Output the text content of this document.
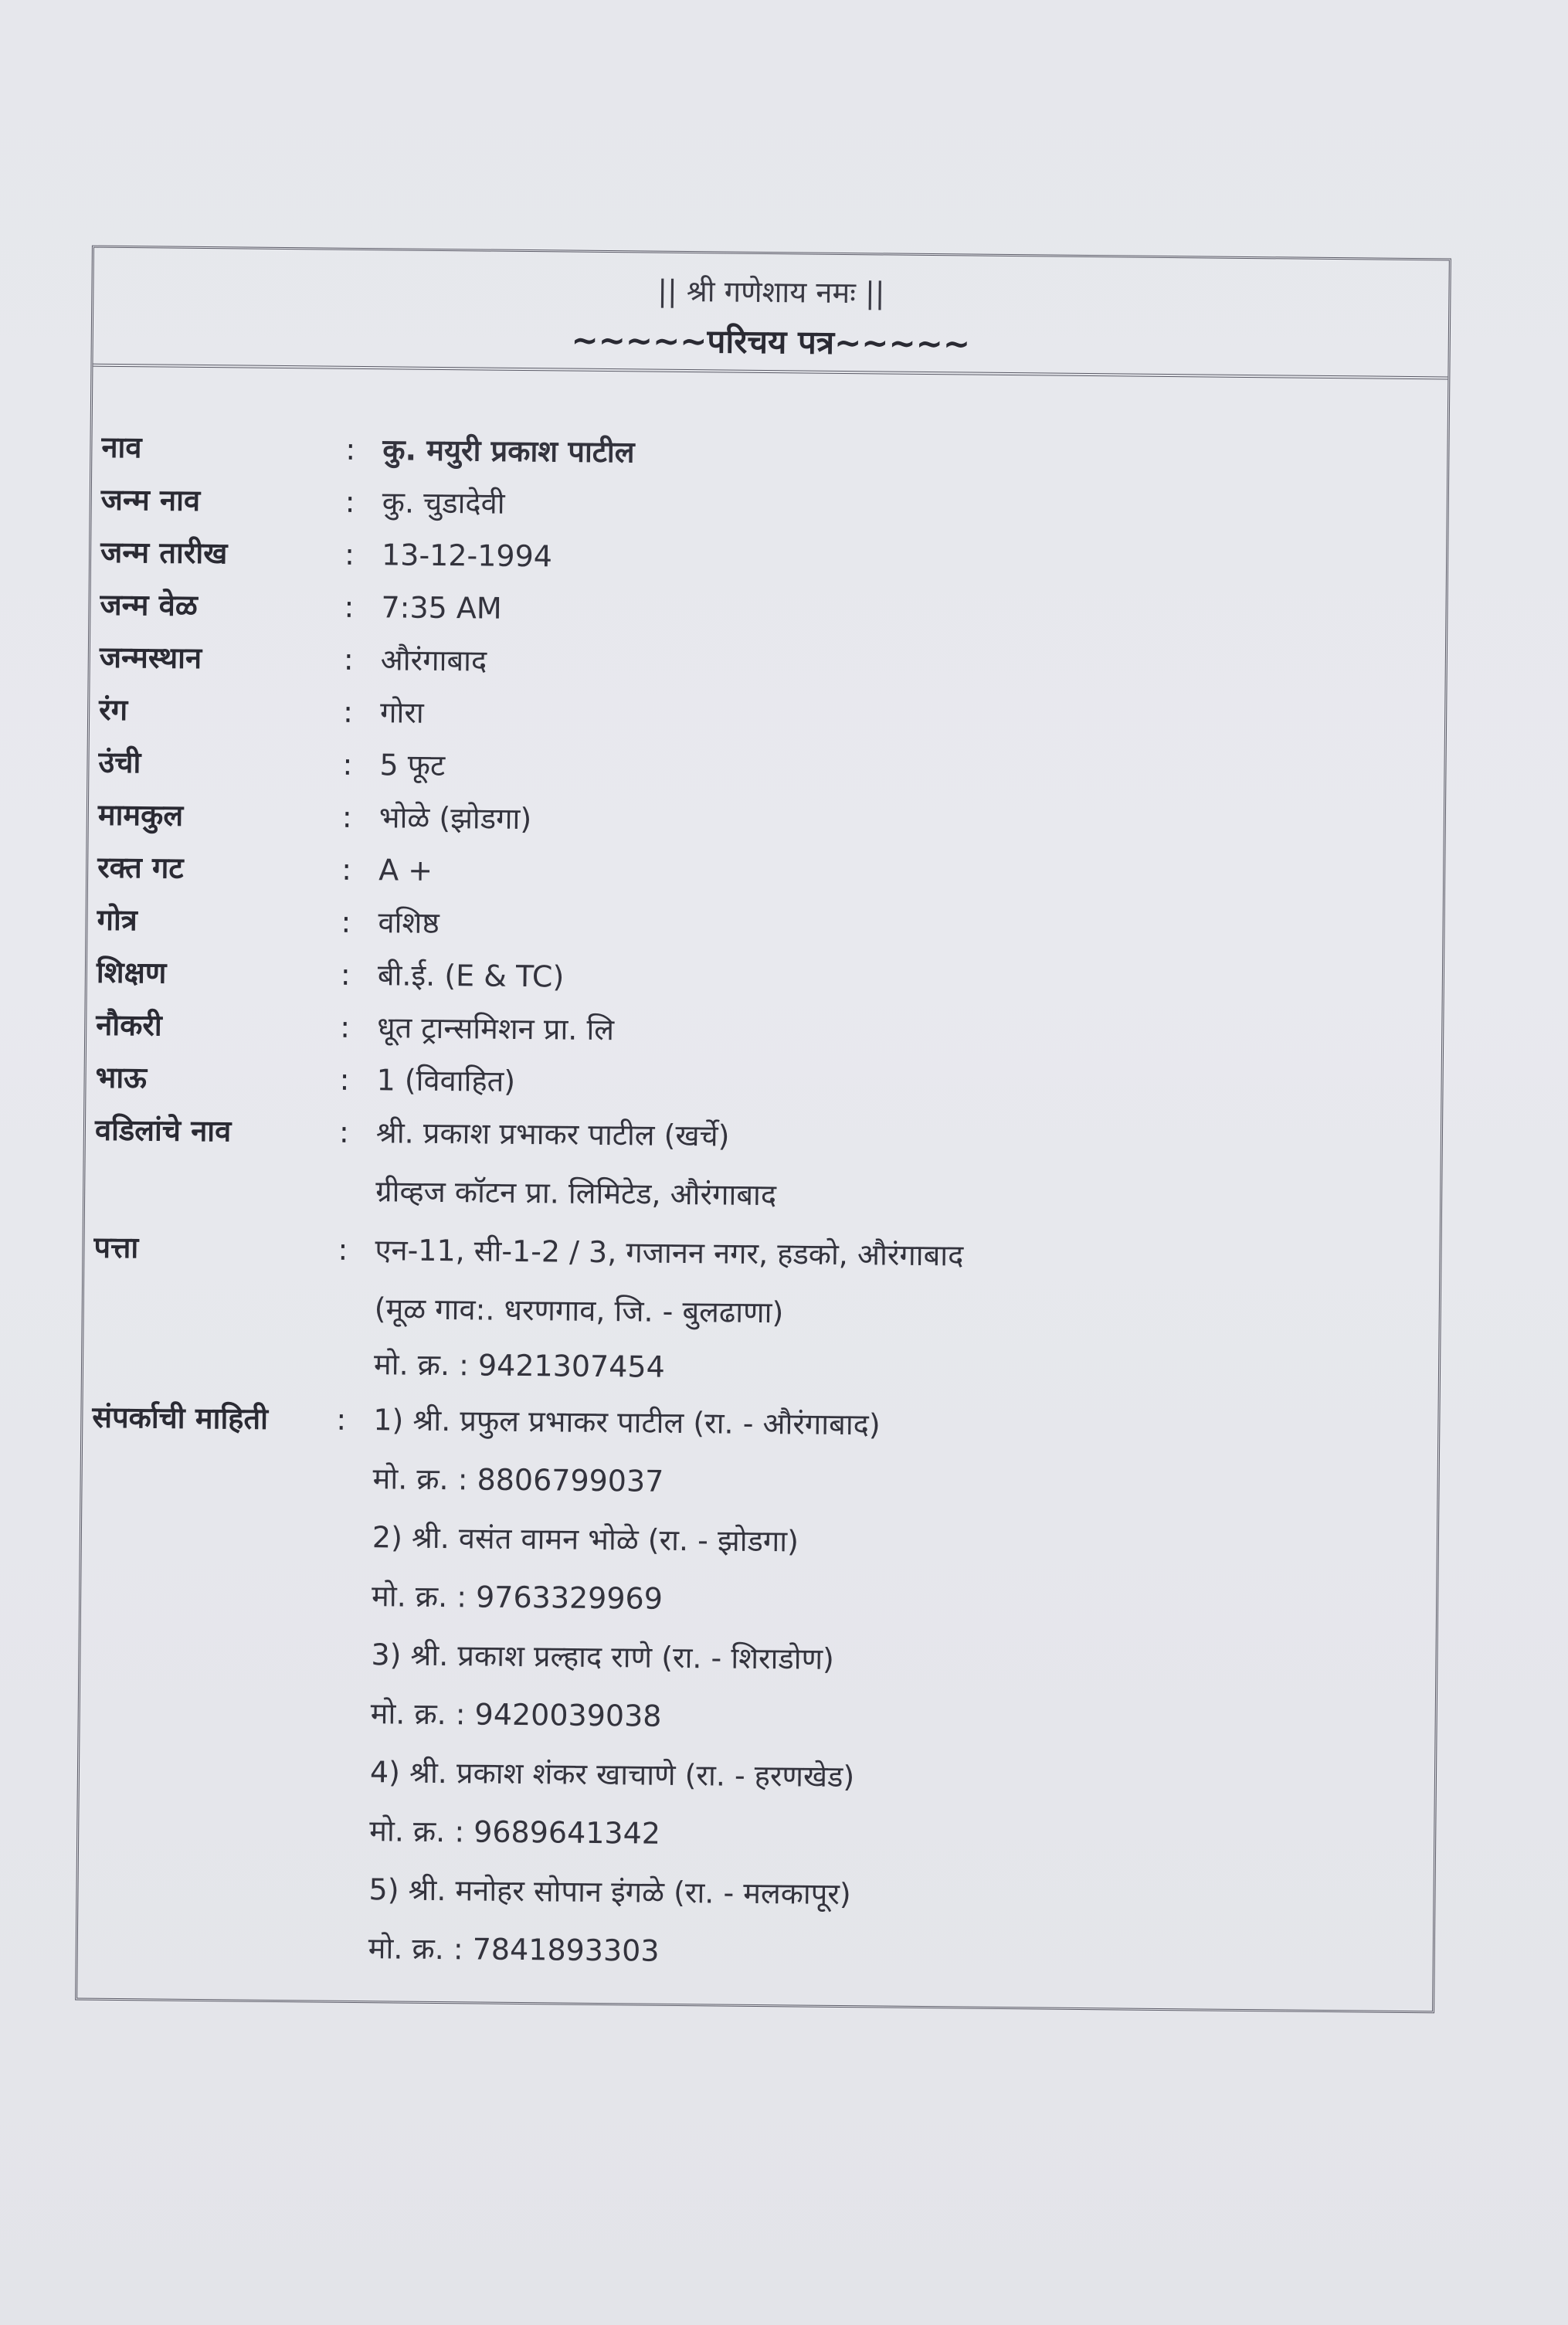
|| श्री गणेशाय नमः ||
~~~~~परिचय पत्र~~~~~
नाव	: कु. मयुरी प्रकाश पाटील
जन्म नाव	: कु. चुडादेवी
जन्म तारीख	: 13-12-1994
जन्म वेळ	: 7:35 AM
जन्मस्थान	: औरंगाबाद
रंग	: गोरा
उंची	: 5 फूट
मामकुल	: भोळे (झोडगा)
रक्त गट	: A +
गोत्र	: वशिष्ठ
शिक्षण	: बी.ई. (E & TC)
नौकरी	: धूत ट्रान्समिशन प्रा. लि
भाऊ	: 1 (विवाहित)
वडिलांचे नाव	: श्री. प्रकाश प्रभाकर पाटील (खर्चे)
ग्रीव्हज कॉटन प्रा. लिमिटेड, औरंगाबाद
पत्ता	: एन-11, सी-1-2 / 3, गजानन नगर, हडको, औरंगाबाद
(मूळ गाव:. धरणगाव, जि. - बुलढाणा)
मो. क्र. : 9421307454
संपर्काची माहिती : 1) श्री. प्रफुल प्रभाकर पाटील (रा. - औरंगाबाद)
मो. क्र. : 8806799037
2) श्री. वसंत वामन भोळे (रा. - झोडगा)
मो. क्र. : 9763329969
3) श्री. प्रकाश प्रल्हाद राणे (रा. - शिराडोण)
मो. क्र. : 9420039038
4) श्री. प्रकाश शंकर खाचाणे (रा. - हरणखेड)
मो. क्र. : 9689641342
5) श्री. मनोहर सोपान इंगळे (रा. - मलकापूर)
मो. क्र. : 7841893303
